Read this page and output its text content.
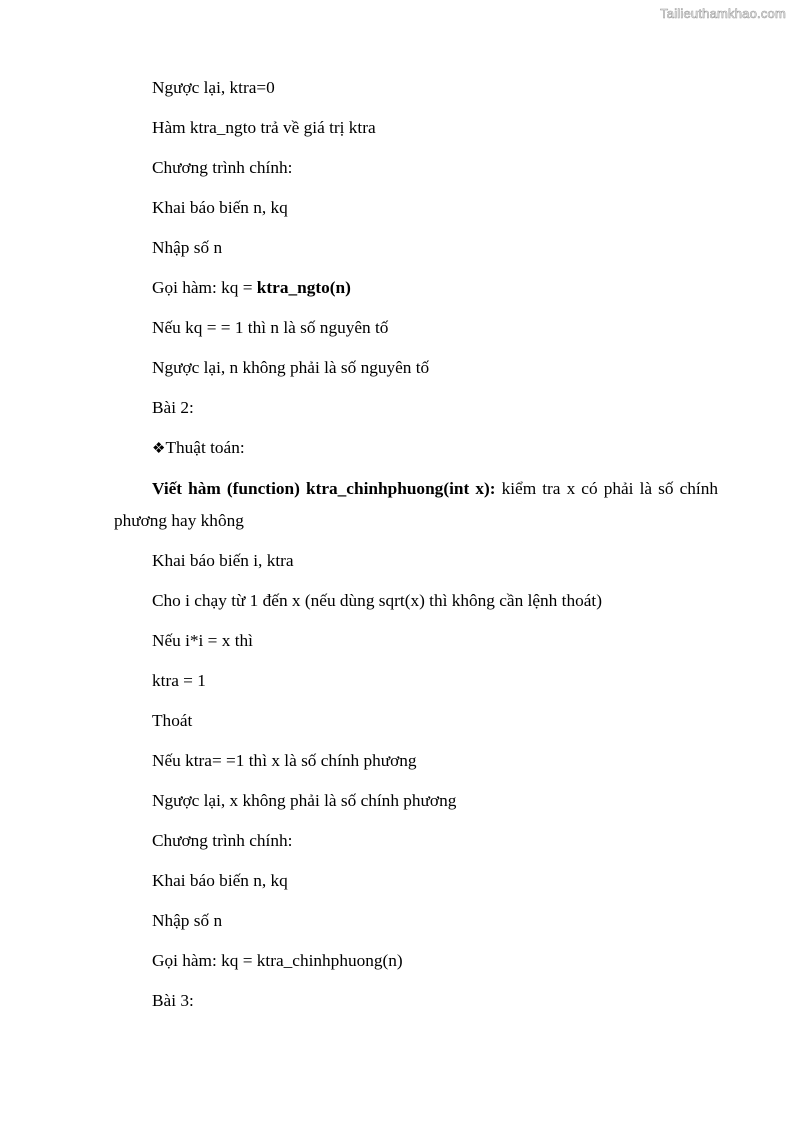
Tailieuthamkhao.com

Ngược lại, ktra=0

Hàm ktra_ngto trả về giá trị ktra

Chương trình chính:

Khai báo biến n, kq

Nhập số n

Gọi hàm: kq = ktra_ngto(n)

Nếu kq = = 1 thì n là số nguyên tố

Ngược lại, n không phải là số nguyên tố

Bài 2:

❖Thuật toán:

Viết hàm (function) ktra_chinhphuong(int x): kiểm tra x có phải là số chính phương hay không

Khai báo biến i, ktra

Cho i chạy từ 1 đến x (nếu dùng sqrt(x) thì không cần lệnh thoát)

Nếu i*i = x thì

ktra = 1

Thoát

Nếu ktra= =1 thì x là số chính phương

Ngược lại, x không phải là số chính phương

Chương trình chính:

Khai báo biến n, kq

Nhập số n

Gọi hàm: kq = ktra_chinhphuong(n)

Bài 3:
